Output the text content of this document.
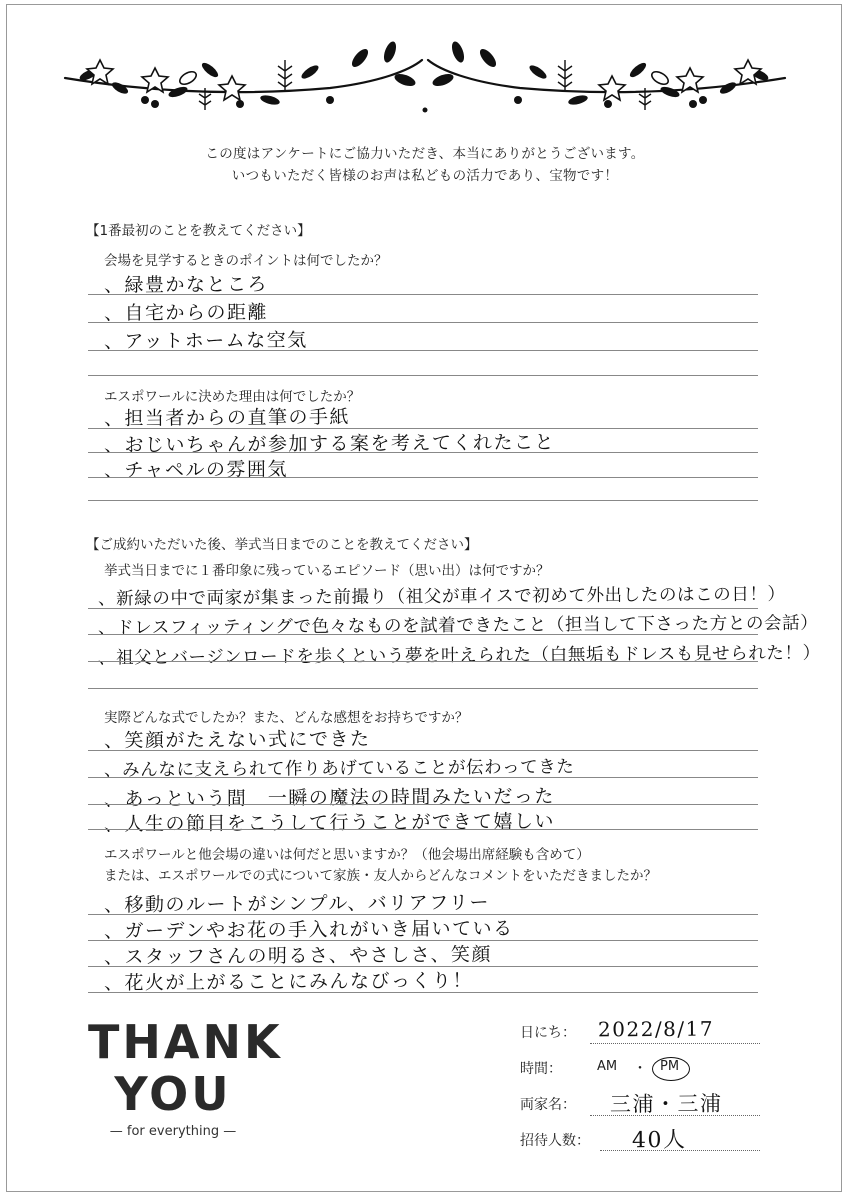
この度はアンケートにご協力いただき、本当にありがとうございます。
いつもいただく皆様のお声は私どもの活力であり、宝物です！
【1番最初のことを教えてください】
会場を見学するときのポイントは何でしたか？
、緑豊かなところ
、自宅からの距離
、アットホームな空気
エスポワールに決めた理由は何でしたか？
、担当者からの直筆の手紙
、おじいちゃんが参加する案を考えてくれたこと
、チャペルの雰囲気
【ご成約いただいた後、挙式当日までのことを教えてください】
挙式当日までに１番印象に残っているエピソード（思い出）は何ですか？
、新緑の中で両家が集まった前撮り（祖父が車イスで初めて外出したのはこの日！）
、ドレスフィッティングで色々なものを試着できたこと（担当して下さった方との会話）
、祖父とバージンロードを歩くという夢を叶えられた（白無垢もドレスも見せられた！）
実際どんな式でしたか？また、どんな感想をお持ちですか？
、笑顔がたえない式にできた
、みんなに支えられて作りあげていることが伝わってきた
、あっという間　一瞬の魔法の時間みたいだった
、人生の節目をこうして行うことができて嬉しい
エスポワールと他会場の違いは何だと思いますか？（他会場出席経験も含めて）
または、エスポワールでの式について家族・友人からどんなコメントをいただきましたか？
、移動のルートがシンプル、バリアフリー
、ガーデンやお花の手入れがいき届いている
、スタッフさんの明るさ、やさしさ、笑顔
、花火が上がることにみんなびっくり！
THANK
YOU
— for everything —
日にち： 2022/8/17
時間：	AM ・ PM
両家名： 三浦・三浦
招待人数： 40人
